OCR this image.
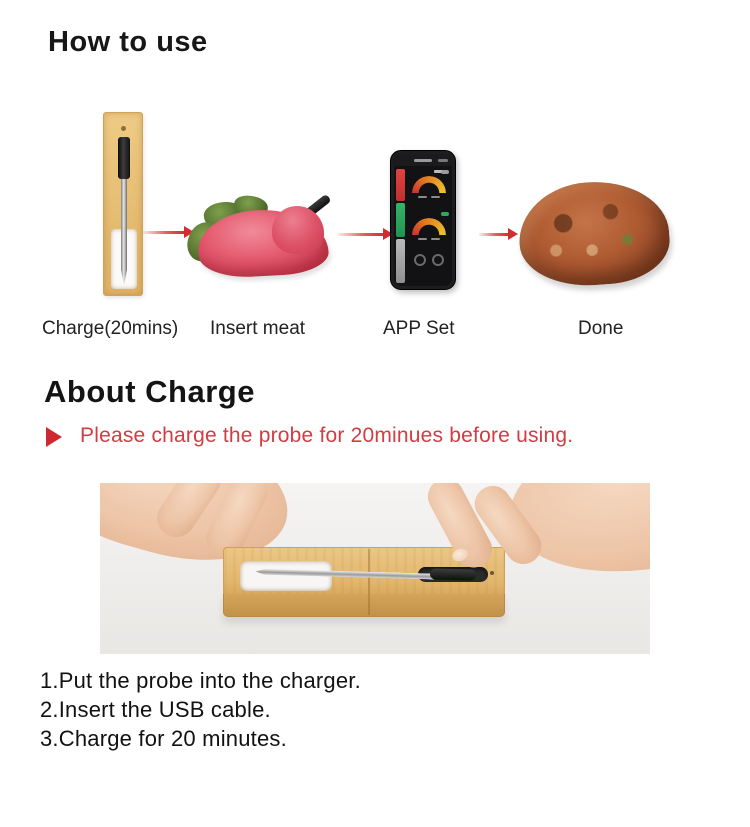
How to use
Charge(20mins) Insert meat	APP Set	Done
About Charge
Please charge the probe for 20minues before using.
1.Put the probe into the charger.
2.Insert the USB cable.
3.Charge for 20 minutes.
